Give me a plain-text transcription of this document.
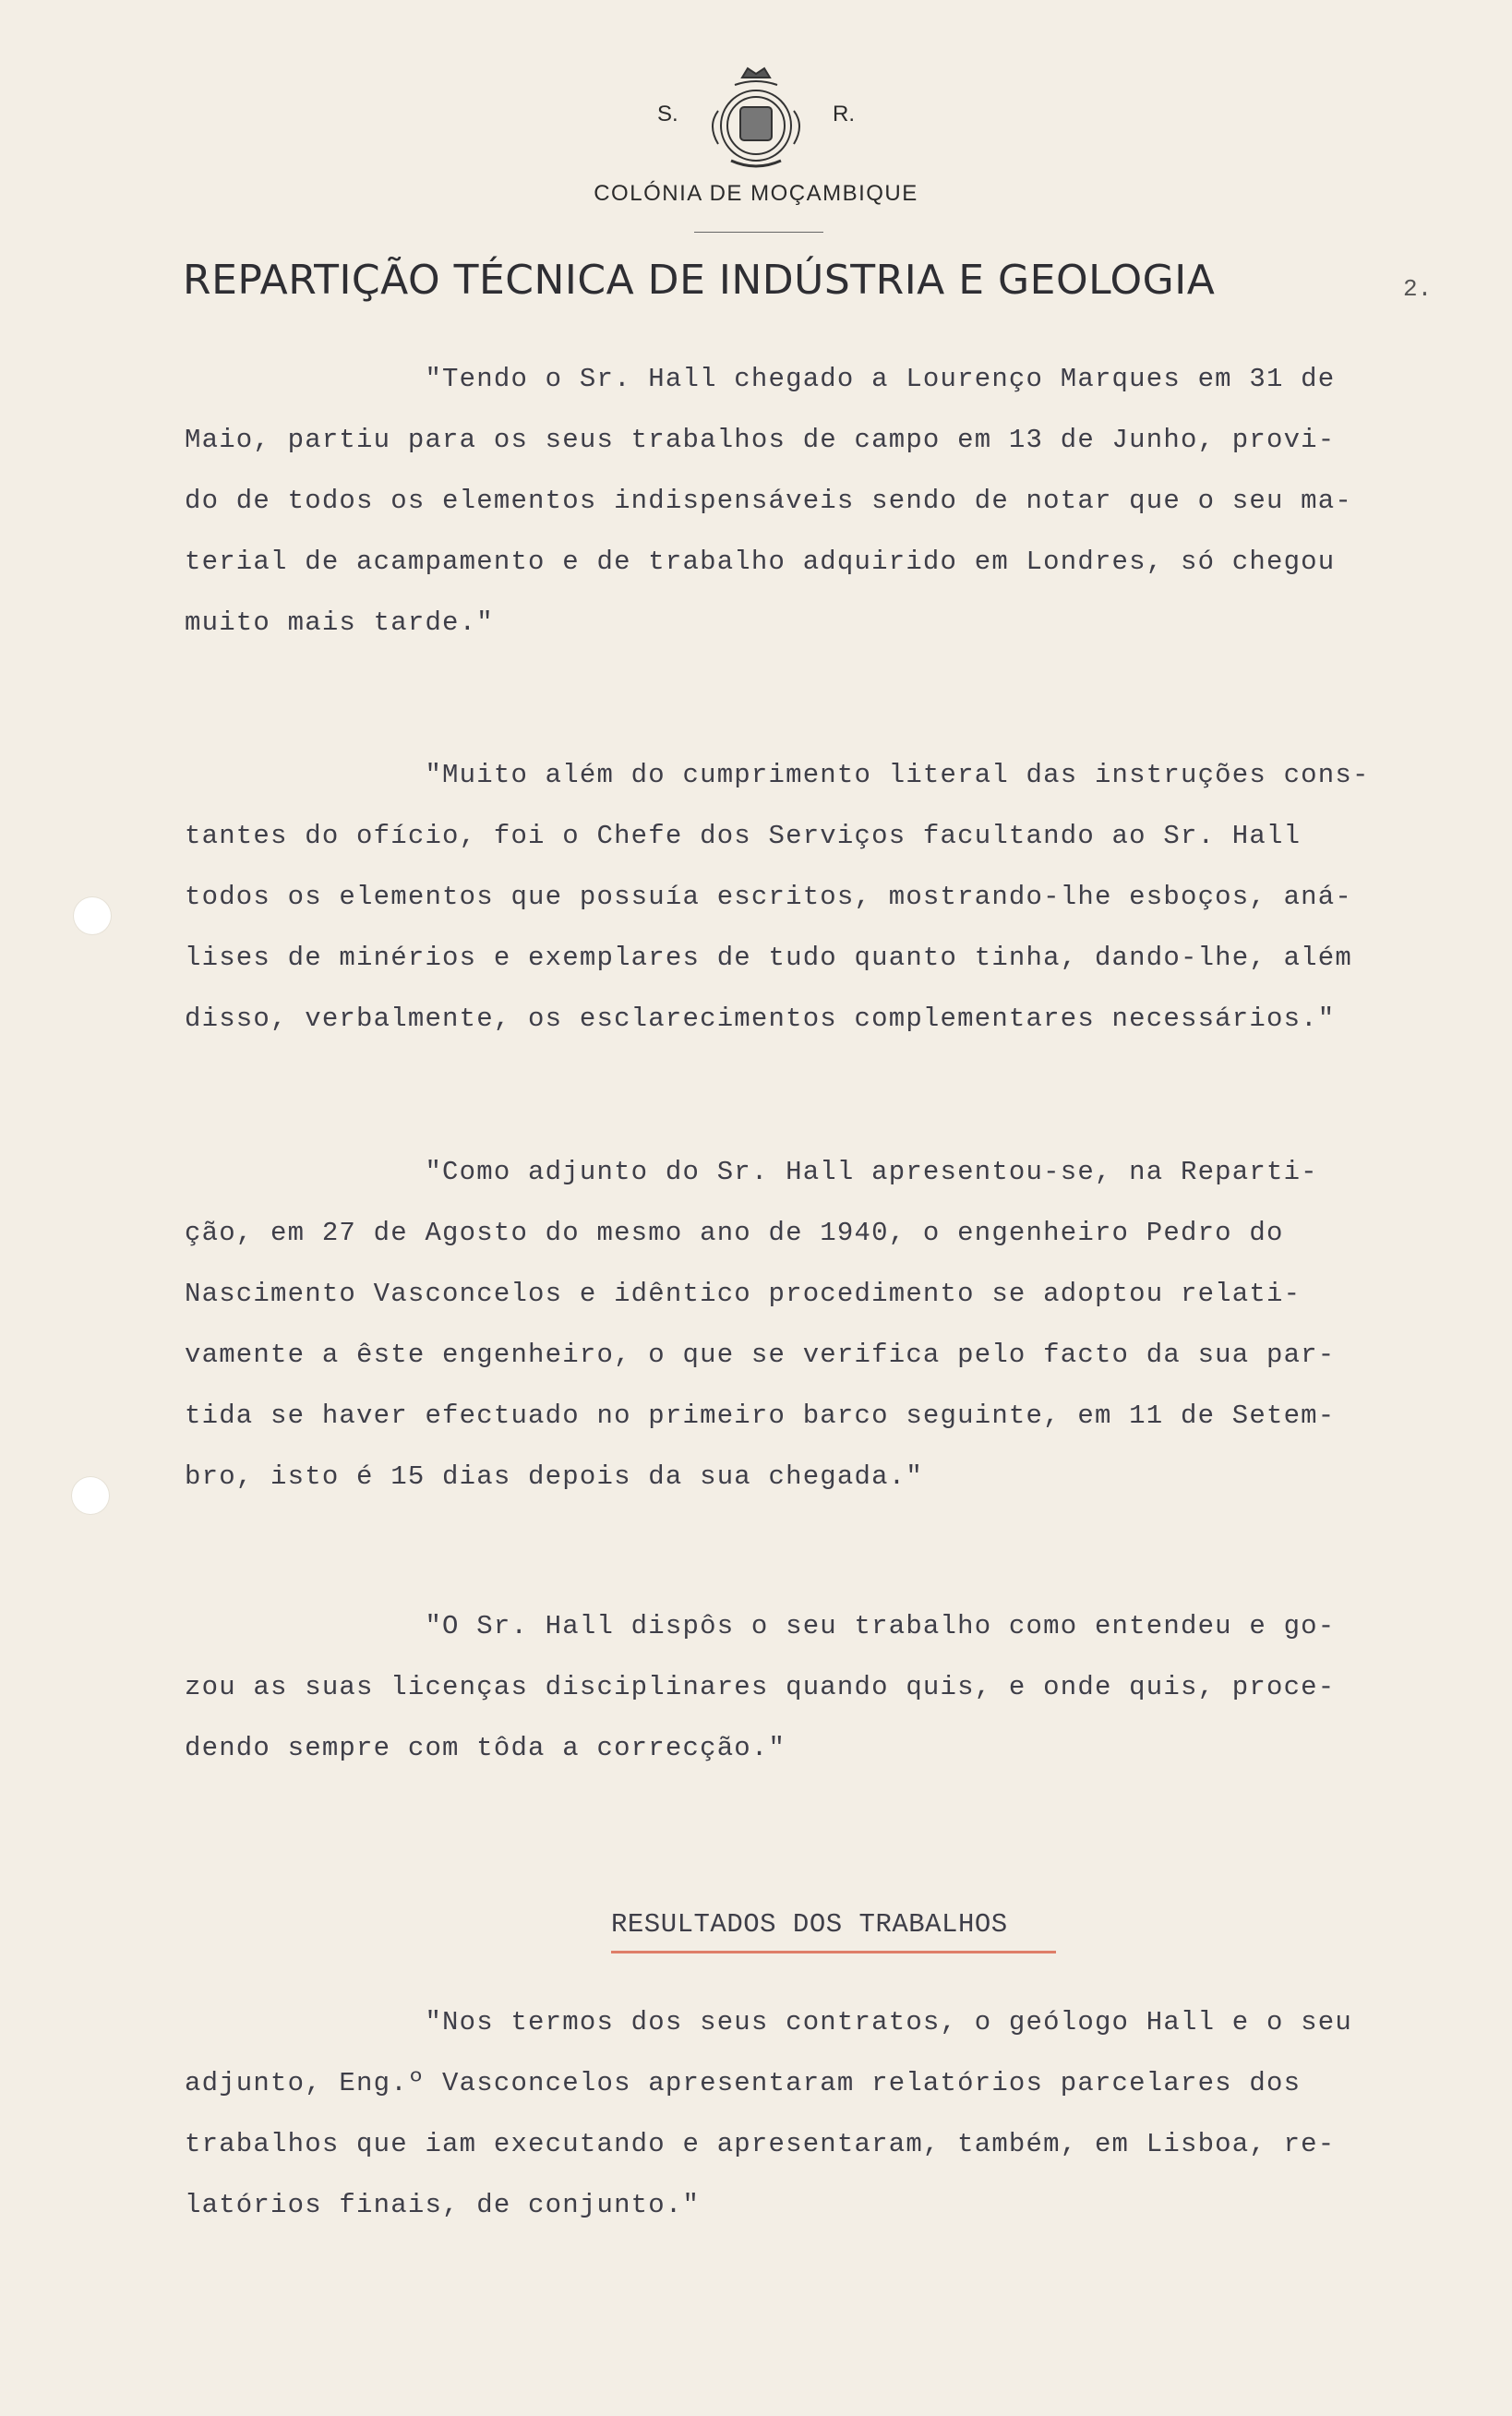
S.	R.
COLÓNIA DE MOÇAMBIQUE
REPARTIÇÃO TÉCNICA DE INDÚSTRIA E GEOLOGIA	2.
"Tendo o Sr. Hall chegado a Lourenço Marques em 31 de
Maio, partiu para os seus trabalhos de campo em 13 de Junho, provi-
do de todos os elementos indispensáveis sendo de notar que o seu ma-
terial de acampamento e de trabalho adquirido em Londres, só chegou
muito mais tarde."
"Muito além do cumprimento literal das instruções cons-
tantes do ofício, foi o Chefe dos Serviços facultando ao Sr. Hall
todos os elementos que possuía escritos, mostrando-lhe esboços, aná-
lises de minérios e exemplares de tudo quanto tinha, dando-lhe, além
disso, verbalmente, os esclarecimentos complementares necessários."
"Como adjunto do Sr. Hall apresentou-se, na Reparti-
ção, em 27 de Agosto do mesmo ano de 1940, o engenheiro Pedro do
Nascimento Vasconcelos e idêntico procedimento se adoptou relati-
vamente a êste engenheiro, o que se verifica pelo facto da sua par-
tida se haver efectuado no primeiro barco seguinte, em 11 de Setem-
bro, isto é 15 dias depois da sua chegada."
"O Sr. Hall dispôs o seu trabalho como entendeu e go-
zou as suas licenças disciplinares quando quis, e onde quis, proce-
dendo sempre com tôda a correcção."
RESULTADOS DOS TRABALHOS
"Nos termos dos seus contratos, o geólogo Hall e o seu
adjunto, Eng.º Vasconcelos apresentaram relatórios parcelares dos
trabalhos que iam executando e apresentaram, também, em Lisboa, re-
latórios finais, de conjunto."
